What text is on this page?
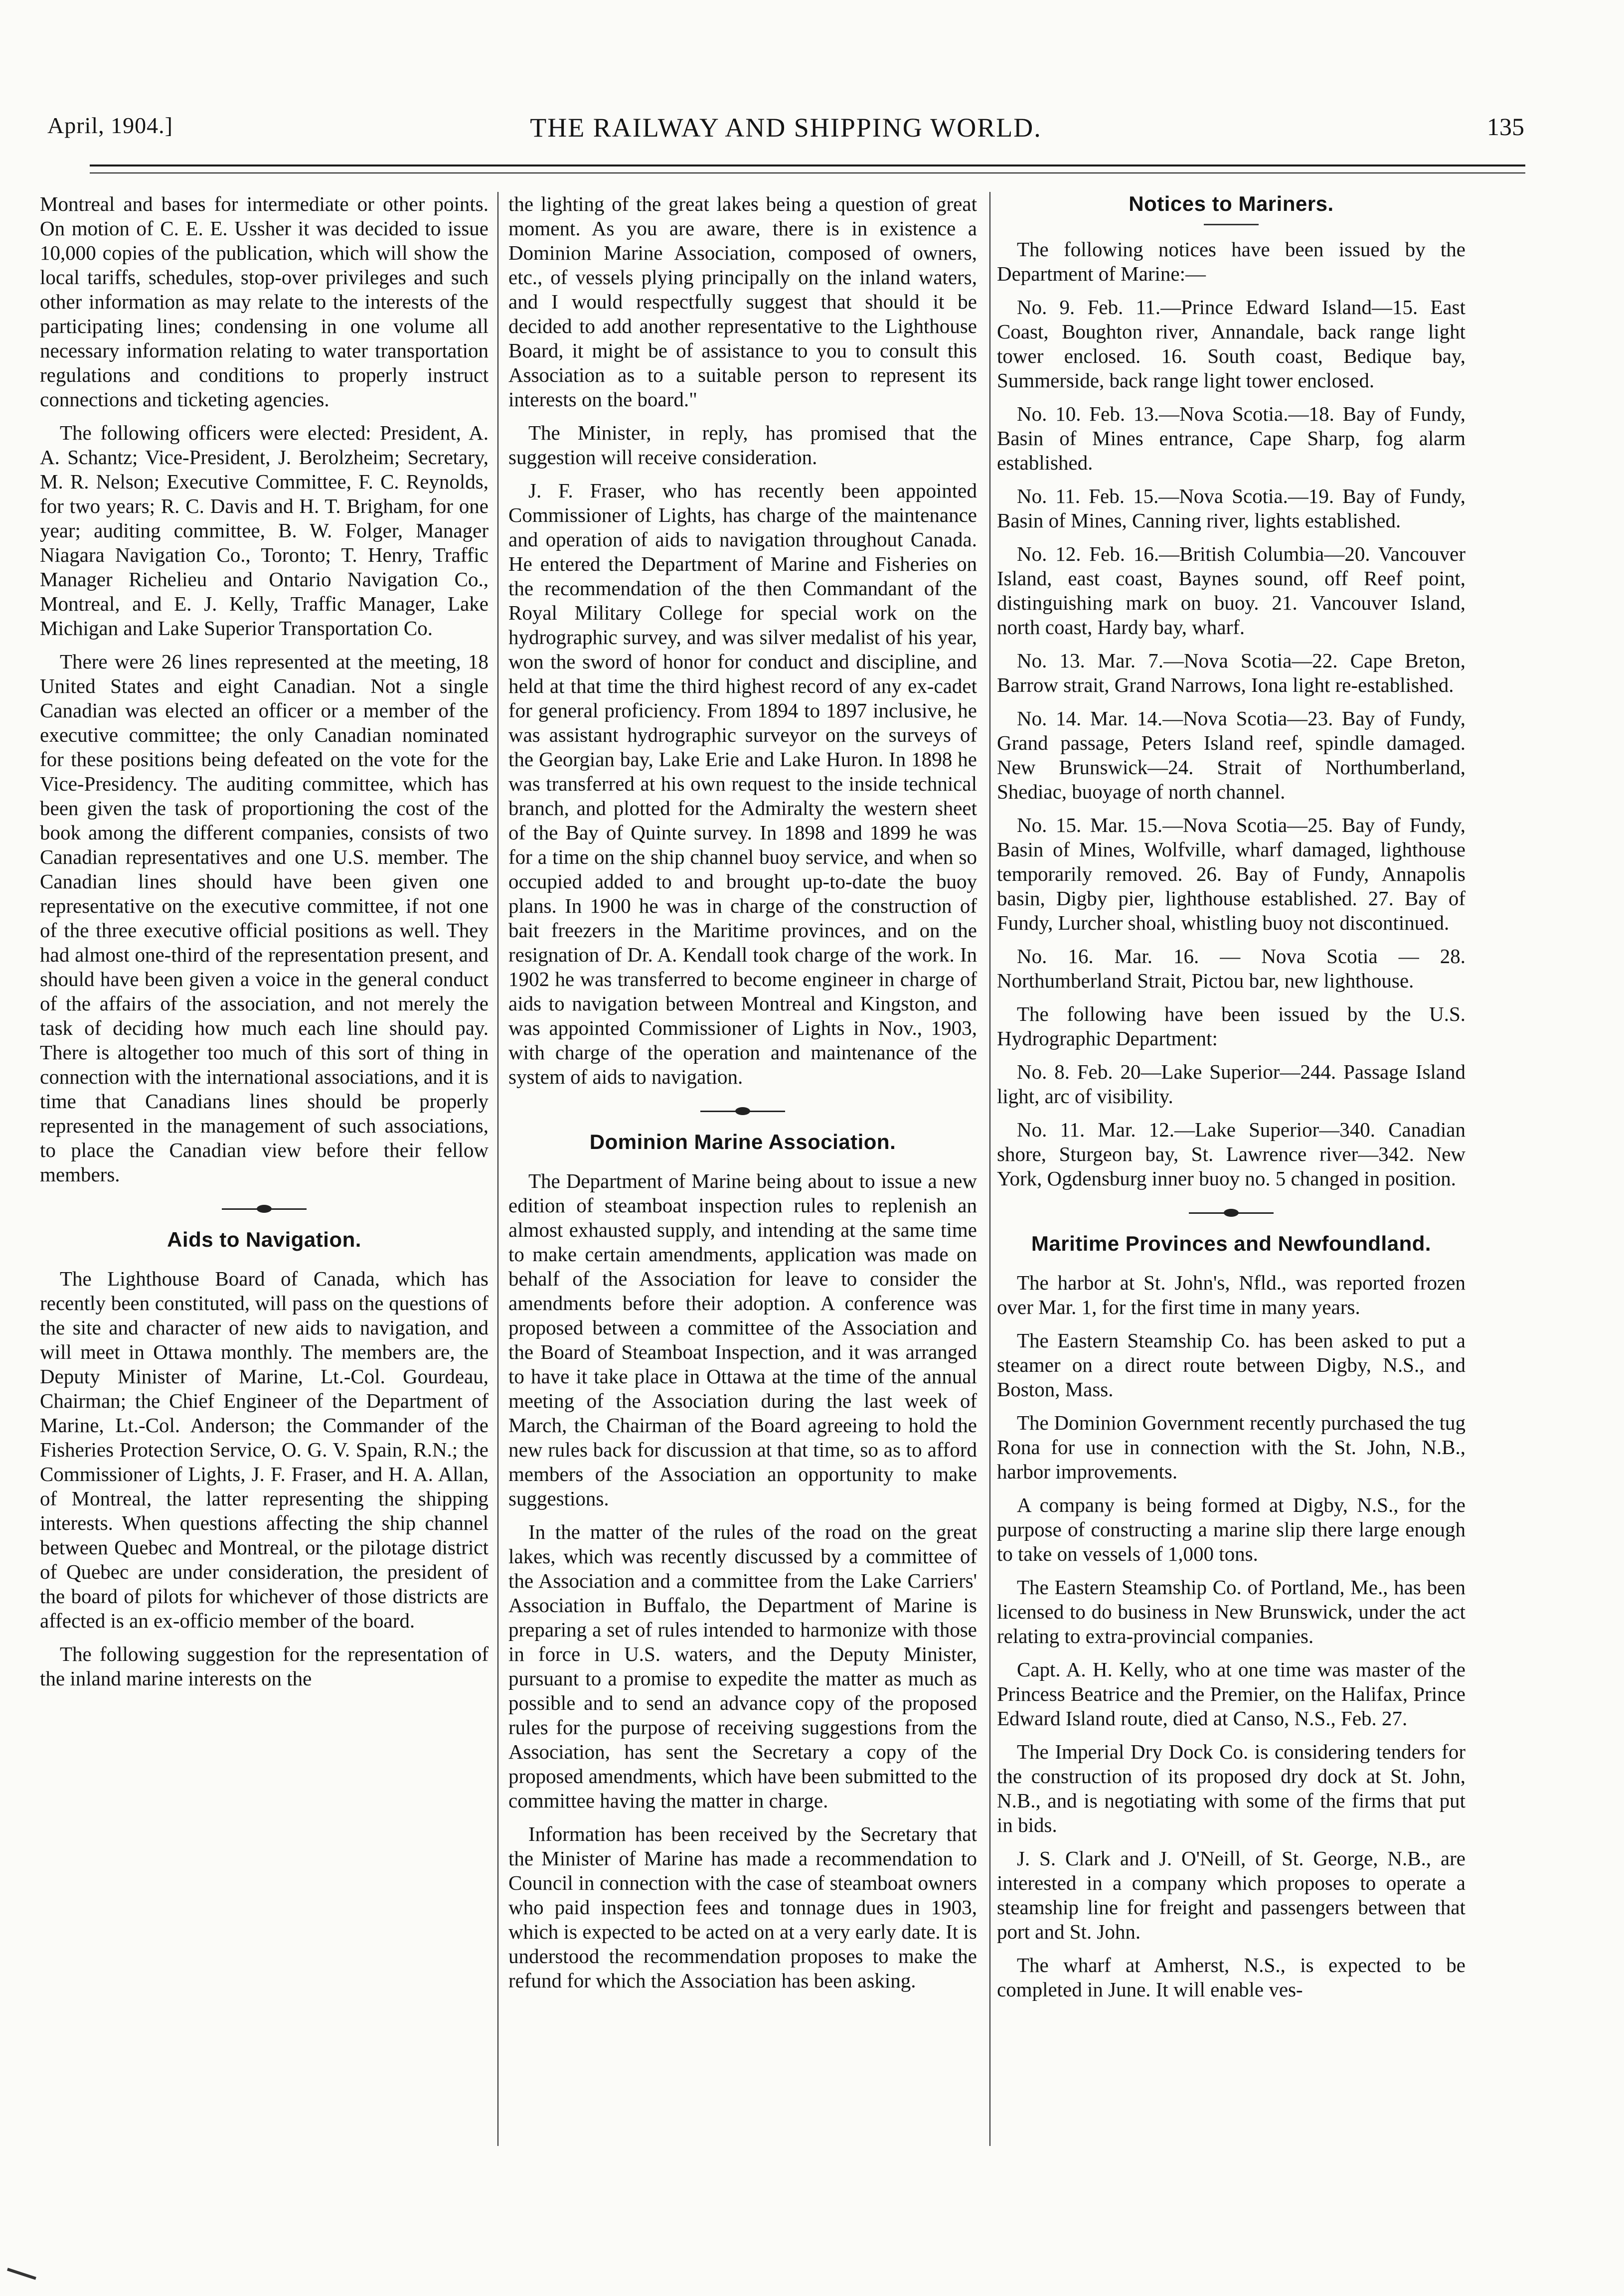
April, 1904.]	THE RAILWAY AND SHIPPING WORLD.	135

Montreal and bases for intermediate or other points. On motion of C. E. E. Ussher it was decided to issue 10,000 copies of the publication, which will show the local tariffs, schedules, stop-over privileges and such other information as may relate to the interests of the participating lines; condensing in one volume all necessary information relating to water transportation regulations and conditions to properly instruct connections and ticketing agencies.

The following officers were elected: President, A. A. Schantz; Vice-President, J. Berolzheim; Secretary, M. R. Nelson; Executive Committee, F. C. Reynolds, for two years; R. C. Davis and H. T. Brigham, for one year; auditing committee, B. W. Folger, Manager Niagara Navigation Co., Toronto; T. Henry, Traffic Manager Richelieu and Ontario Navigation Co., Montreal, and E. J. Kelly, Traffic Manager, Lake Michigan and Lake Superior Transportation Co.

There were 26 lines represented at the meeting, 18 United States and eight Canadian. Not a single Canadian was elected an officer or a member of the executive committee; the only Canadian nominated for these positions being defeated on the vote for the Vice-Presidency. The auditing committee, which has been given the task of proportioning the cost of the book among the different companies, consists of two Canadian representatives and one U.S. member. The Canadian lines should have been given one representative on the executive committee, if not one of the three executive official positions as well. They had almost one-third of the representation present, and should have been given a voice in the general conduct of the affairs of the association, and not merely the task of deciding how much each line should pay. There is altogether too much of this sort of thing in connection with the international associations, and it is time that Canadians lines should be properly represented in the management of such associations, to place the Canadian view before their fellow members.

Aids to Navigation.

The Lighthouse Board of Canada, which has recently been constituted, will pass on the questions of the site and character of new aids to navigation, and will meet in Ottawa monthly. The members are, the Deputy Minister of Marine, Lt.-Col. Gourdeau, Chairman; the Chief Engineer of the Department of Marine, Lt.-Col. Anderson; the Commander of the Fisheries Protection Service, O. G. V. Spain, R.N.; the Commissioner of Lights, J. F. Fraser, and H. A. Allan, of Montreal, the latter representing the shipping interests. When questions affecting the ship channel between Quebec and Montreal, or the pilotage district of Quebec are under consideration, the president of the board of pilots for whichever of those districts are affected is an ex-officio member of the board.

The following suggestion for the representation of the inland marine interests on the

the lighting of the great lakes being a question of great moment. As you are aware, there is in existence a Dominion Marine Association, composed of owners, etc., of vessels plying principally on the inland waters, and I would respectfully suggest that should it be decided to add another representative to the Lighthouse Board, it might be of assistance to you to consult this Association as to a suitable person to represent its interests on the board."

The Minister, in reply, has promised that the suggestion will receive consideration.

J. F. Fraser, who has recently been appointed Commissioner of Lights, has charge of the maintenance and operation of aids to navigation throughout Canada. He entered the Department of Marine and Fisheries on the recommendation of the then Commandant of the Royal Military College for special work on the hydrographic survey, and was silver medalist of his year, won the sword of honor for conduct and discipline, and held at that time the third highest record of any ex-cadet for general proficiency. From 1894 to 1897 inclusive, he was assistant hydrographic surveyor on the surveys of the Georgian bay, Lake Erie and Lake Huron. In 1898 he was transferred at his own request to the inside technical branch, and plotted for the Admiralty the western sheet of the Bay of Quinte survey. In 1898 and 1899 he was for a time on the ship channel buoy service, and when so occupied added to and brought up-to-date the buoy plans. In 1900 he was in charge of the construction of bait freezers in the Maritime provinces, and on the resignation of Dr. A. Kendall took charge of the work. In 1902 he was transferred to become engineer in charge of aids to navigation between Montreal and Kingston, and was appointed Commissioner of Lights in Nov., 1903, with charge of the operation and maintenance of the system of aids to navigation.

Dominion Marine Association.

The Department of Marine being about to issue a new edition of steamboat inspection rules to replenish an almost exhausted supply, and intending at the same time to make certain amendments, application was made on behalf of the Association for leave to consider the amendments before their adoption. A conference was proposed between a committee of the Association and the Board of Steamboat Inspection, and it was arranged to have it take place in Ottawa at the time of the annual meeting of the Association during the last week of March, the Chairman of the Board agreeing to hold the new rules back for discussion at that time, so as to afford members of the Association an opportunity to make suggestions.

In the matter of the rules of the road on the great lakes, which was recently discussed by a committee of the Association and a committee from the Lake Carriers' Association in Buffalo, the Department of Marine is preparing a set of rules intended to harmonize with those in force in U.S. waters, and the Deputy Minister, pursuant to a promise to expedite the matter as much as possible and to send an advance copy of the proposed rules for the purpose of receiving suggestions from the Association, has sent the Secretary a copy of the proposed amendments, which have been submitted to the committee having the matter in charge.

Information has been received by the Secretary that the Minister of Marine has made a recommendation to Council in connection with the case of steamboat owners who paid inspection fees and tonnage dues in 1903, which is expected to be acted on at a very early date. It is understood the recommendation proposes to make the refund for which the Association has been asking.

Notices to Mariners.

The following notices have been issued by the Department of Marine:—

No. 9. Feb. 11.—Prince Edward Island—15. East Coast, Boughton river, Annandale, back range light tower enclosed. 16. South coast, Bedique bay, Summerside, back range light tower enclosed.

No. 10. Feb. 13.—Nova Scotia.—18. Bay of Fundy, Basin of Mines entrance, Cape Sharp, fog alarm established.

No. 11. Feb. 15.—Nova Scotia.—19. Bay of Fundy, Basin of Mines, Canning river, lights established.

No. 12. Feb. 16.—British Columbia—20. Vancouver Island, east coast, Baynes sound, off Reef point, distinguishing mark on buoy. 21. Vancouver Island, north coast, Hardy bay, wharf.

No. 13. Mar. 7.—Nova Scotia—22. Cape Breton, Barrow strait, Grand Narrows, Iona light re-established.

No. 14. Mar. 14.—Nova Scotia—23. Bay of Fundy, Grand passage, Peters Island reef, spindle damaged. New Brunswick—24. Strait of Northumberland, Shediac, buoyage of north channel.

No. 15. Mar. 15.—Nova Scotia—25. Bay of Fundy, Basin of Mines, Wolfville, wharf damaged, lighthouse temporarily removed. 26. Bay of Fundy, Annapolis basin, Digby pier, lighthouse established. 27. Bay of Fundy, Lurcher shoal, whistling buoy not discontinued.

No. 16. Mar. 16. — Nova Scotia — 28. Northumberland Strait, Pictou bar, new lighthouse.

The following have been issued by the U.S. Hydrographic Department:

No. 8. Feb. 20—Lake Superior—244. Passage Island light, arc of visibility.

No. 11. Mar. 12.—Lake Superior—340. Canadian shore, Sturgeon bay, St. Lawrence river—342. New York, Ogdensburg inner buoy no. 5 changed in position.

Maritime Provinces and Newfoundland.

The harbor at St. John's, Nfld., was reported frozen over Mar. 1, for the first time in many years.

The Eastern Steamship Co. has been asked to put a steamer on a direct route between Digby, N.S., and Boston, Mass.

The Dominion Government recently purchased the tug Rona for use in connection with the St. John, N.B., harbor improvements.

A company is being formed at Digby, N.S., for the purpose of constructing a marine slip there large enough to take on vessels of 1,000 tons.

The Eastern Steamship Co. of Portland, Me., has been licensed to do business in New Brunswick, under the act relating to extra-provincial companies.

Capt. A. H. Kelly, who at one time was master of the Princess Beatrice and the Premier, on the Halifax, Prince Edward Island route, died at Canso, N.S., Feb. 27.

The Imperial Dry Dock Co. is considering tenders for the construction of its proposed dry dock at St. John, N.B., and is negotiating with some of the firms that put in bids.

J. S. Clark and J. O'Neill, of St. George, N.B., are interested in a company which proposes to operate a steamship line for freight and passengers between that port and St. John.

The wharf at Amherst, N.S., is expected to be completed in June. It will enable ves-
